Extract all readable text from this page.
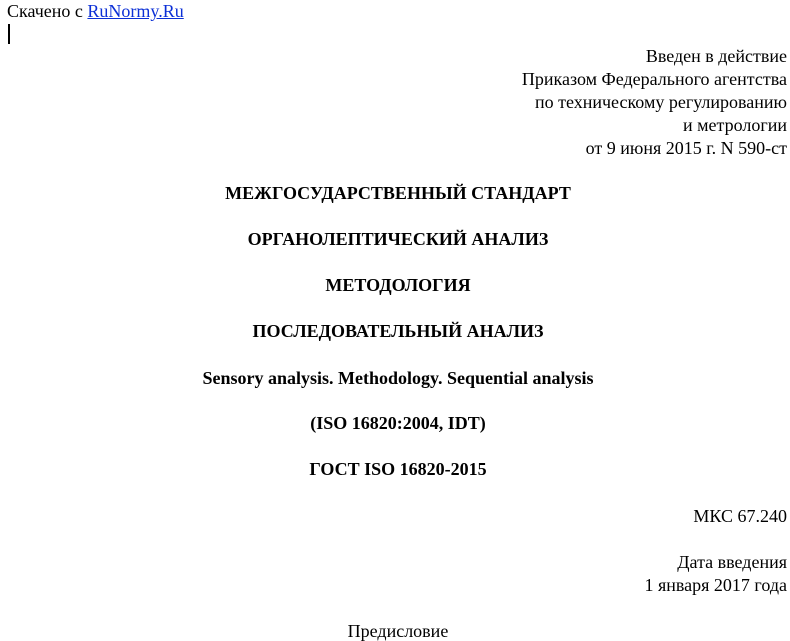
Скачено с RuNormy.Ru
Введен в действие
Приказом Федерального агентства
по техническому регулированию
и метрологии
от 9 июня 2015 г. N 590-ст
МЕЖГОСУДАРСТВЕННЫЙ СТАНДАРТ
ОРГАНОЛЕПТИЧЕСКИЙ АНАЛИЗ
МЕТОДОЛОГИЯ
ПОСЛЕДОВАТЕЛЬНЫЙ АНАЛИЗ
Sensory analysis. Methodology. Sequential analysis
(ISO 16820:2004, IDT)
ГОСТ ISO 16820-2015
МКС 67.240
Дата введения
1 января 2017 года
Предисловие
